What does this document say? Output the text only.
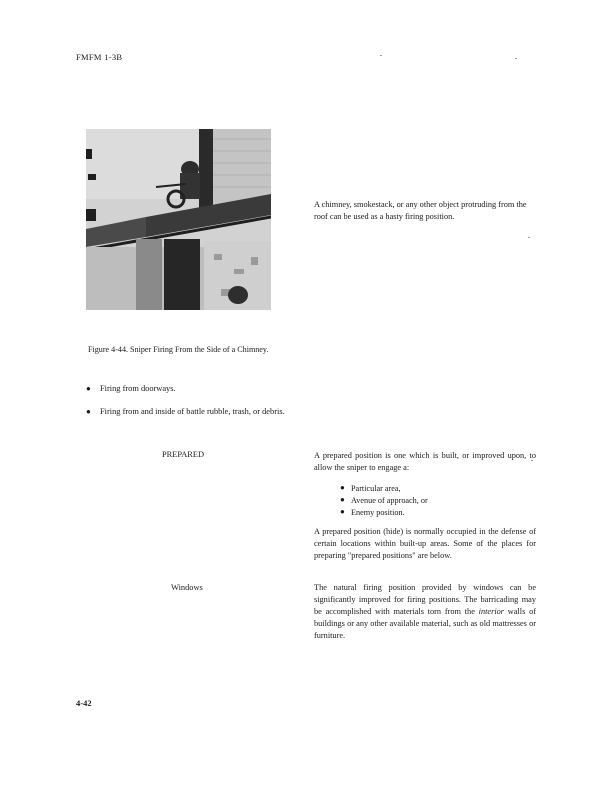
FMFM 1-3B
A chimney, smokestack, or any other object protruding from the roof can be used as a hasty firing position.
Figure 4-44. Sniper Firing From the Side of a Chimney.
●	Firing from doorways.
●	Firing from and inside of battle rubble, trash, or debris.
PREPARED	A prepared position is one which is built, or improved upon, to allow the sniper to engage a:
● Particular area,
● Avenue of approach, or
● Enemy position.
A prepared position (hide) is normally occupied in the defense of certain locations within built-up areas. Some of the places for preparing "prepared positions" are below.
Windows	The natural firing position provided by windows can be significantly improved for firing positions. The barricading may be accomplished with materials torn from the interior walls of buildings or any other available material, such as old mattresses or furniture.
4-42
